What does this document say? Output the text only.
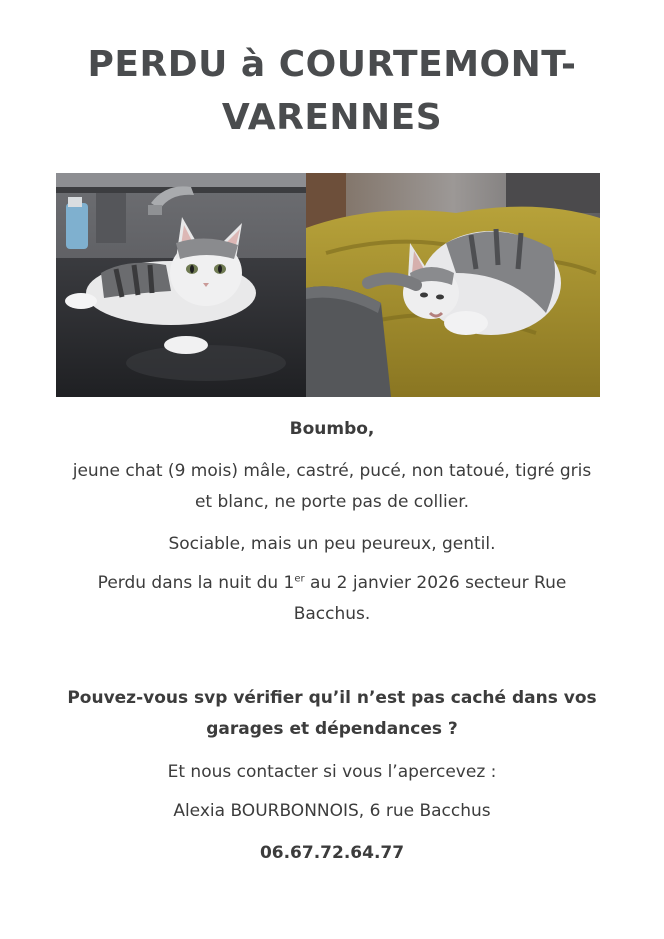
PERDU à COURTEMONT-
VARENNES
Boumbo,
jeune chat (9 mois) mâle, castré, pucé, non tatoué, tigré gris
et blanc, ne porte pas de collier.
Sociable, mais un peu peureux, gentil.
Perdu dans la nuit du 1er au 2 janvier 2026 secteur Rue
Bacchus.
Pouvez-vous svp vérifier qu’il n’est pas caché dans vos
garages et dépendances ?
Et nous contacter si vous l’apercevez :
Alexia BOURBONNOIS, 6 rue Bacchus
06.67.72.64.77
